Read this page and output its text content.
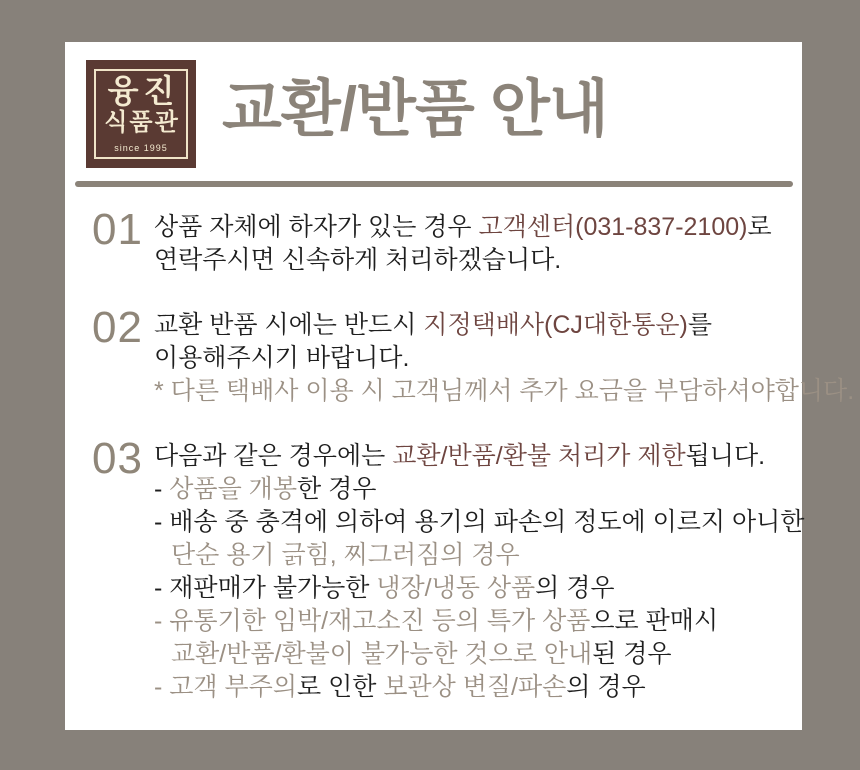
융진
식품관
since 1995
교환/반품 안내
01 상품 자체에 하자가 있는 경우 고객센터(031-837-2100)로
연락주시면 신속하게 처리하겠습니다.
02 교환 반품 시에는 반드시 지정택배사(CJ대한통운)를
이용해주시기 바랍니다.
* 다른 택배사 이용 시 고객님께서 추가 요금을 부담하셔야합니다.
03 다음과 같은 경우에는 교환/반품/환불 처리가 제한됩니다.
- 상품을 개봉한 경우
- 배송 중 충격에 의하여 용기의 파손의 정도에 이르지 아니한
단순 용기 긁힘, 찌그러짐의 경우
- 재판매가 불가능한 냉장/냉동 상품의 경우
- 유통기한 임박/재고소진 등의 특가 상품으로 판매시
교환/반품/환불이 불가능한 것으로 안내된 경우
- 고객 부주의로 인한 보관상 변질/파손의 경우
